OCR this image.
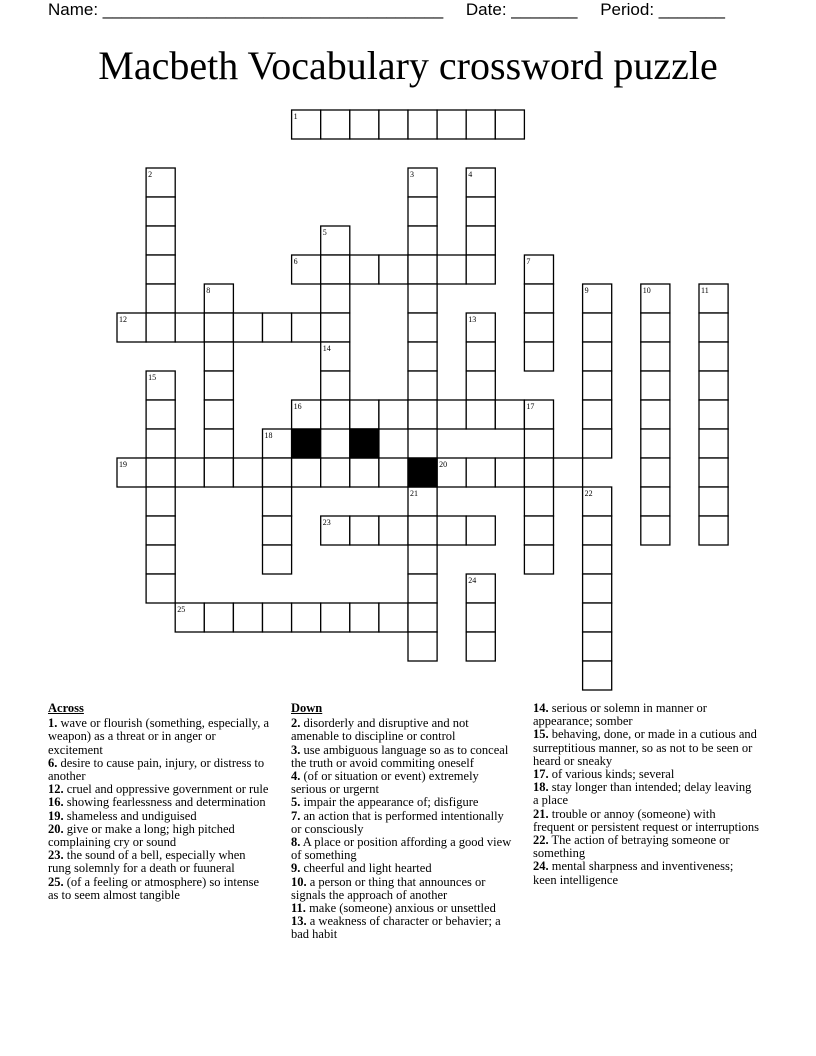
Name: ____________________________________ Date: _______ Period: _______
Macbeth Vocabulary crossword puzzle
1
2	3	4
5
6	7
8	9	10	11
12	13
14
15
16	17
18
19	20
21	22
23
24
25
Across
1. wave or flourish (something, especially, a weapon) as a threat or in anger or excitement
6. desire to cause pain, injury, or distress to another
12. cruel and oppressive government or rule
16. showing fearlessness and determination
19. shameless and undiguised
20. give or make a long; high pitched complaining cry or sound
23. the sound of a bell, especially when rung solemnly for a death or fuuneral
25. (of a feeling or atmosphere) so intense as to seem almost tangible
Down
2. disorderly and disruptive and not amenable to discipline or control
3. use ambiguous language so as to conceal the truth or avoid commiting oneself
4. (of or situation or event) extremely serious or urgernt
5. impair the appearance of; disfigure
7. an action that is performed intentionally or consciously
8. A place or position affording a good view of something
9. cheerful and light hearted
10. a person or thing that announces or signals the approach of another
11. make (someone) anxious or unsettled
13. a weakness of character or behavier; a bad habit
14. serious or solemn in manner or appearance; somber
15. behaving, done, or made in a cutious and surreptitious manner, so as not to be seen or heard or sneaky
17. of various kinds; several
18. stay longer than intended; delay leaving a place
21. trouble or annoy (someone) with frequent or persistent request or interruptions
22. The action of betraying someone or something
24. mental sharpness and inventiveness; keen intelligence
